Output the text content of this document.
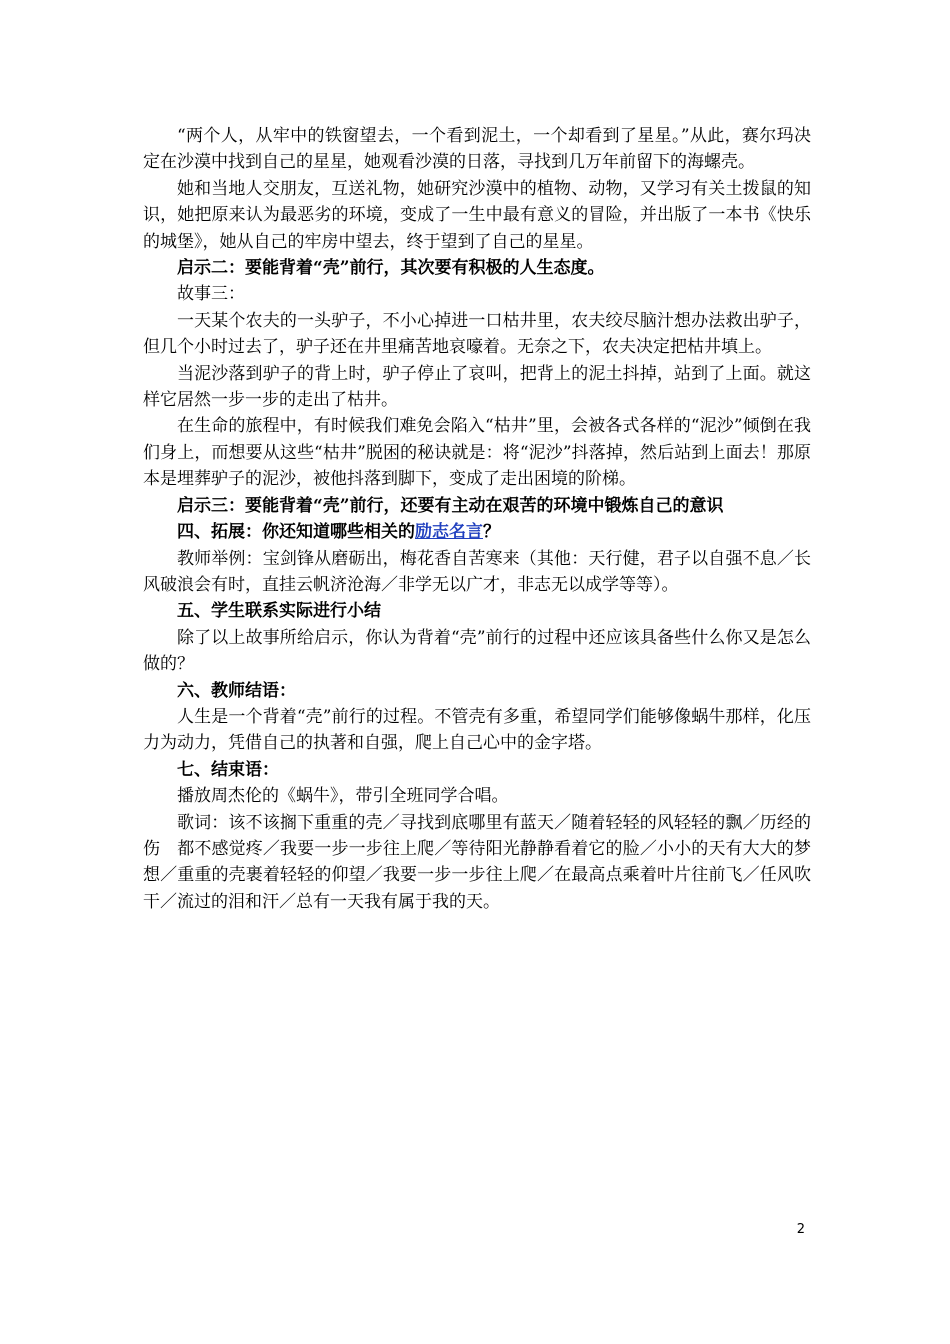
“两个人，从牢中的铁窗望去，一个看到泥土，一个却看到了星星。”从此，赛尔玛决定在沙漠中找到自己的星星，她观看沙漠的日落，寻找到几万年前留下的海螺壳。

她和当地人交朋友，互送礼物，她研究沙漠中的植物、动物，又学习有关土拨鼠的知识，她把原来认为最恶劣的环境，变成了一生中最有意义的冒险，并出版了一本书《快乐的城堡》，她从自己的牢房中望去，终于望到了自己的星星。

启示二：要能背着“壳”前行，其次要有积极的人生态度。

故事三：

一天某个农夫的一头驴子，不小心掉进一口枯井里，农夫绞尽脑汁想办法救出驴子，但几个小时过去了，驴子还在井里痛苦地哀嚎着。无奈之下，农夫决定把枯井填上。

当泥沙落到驴子的背上时，驴子停止了哀叫，把背上的泥土抖掉，站到了上面。就这样它居然一步一步的走出了枯井。

在生命的旅程中，有时候我们难免会陷入“枯井”里，会被各式各样的“泥沙”倾倒在我们身上，而想要从这些“枯井”脱困的秘诀就是：将“泥沙”抖落掉，然后站到上面去！那原本是埋葬驴子的泥沙，被他抖落到脚下，变成了走出困境的阶梯。

启示三：要能背着“壳”前行，还要有主动在艰苦的环境中锻炼自己的意识

四、拓展：你还知道哪些相关的励志名言？

教师举例：宝剑锋从磨砺出，梅花香自苦寒来（其他：天行健，君子以自强不息／长风破浪会有时，直挂云帆济沧海／非学无以广才，非志无以成学等等）。

五、学生联系实际进行小结

除了以上故事所给启示，你认为背着“壳”前行的过程中还应该具备些什么你又是怎么做的？

六、教师结语：

人生是一个背着“壳”前行的过程。不管壳有多重，希望同学们能够像蜗牛那样，化压力为动力，凭借自己的执著和自强，爬上自己心中的金字塔。

七、结束语：

播放周杰伦的《蜗牛》，带引全班同学合唱。

歌词：该不该搁下重重的壳／寻找到底哪里有蓝天／随着轻轻的风轻轻的飘／历经的伤　都不感觉疼／我要一步一步往上爬／等待阳光静静看着它的脸／小小的天有大大的梦想／重重的壳裹着轻轻的仰望／我要一步一步往上爬／在最高点乘着叶片往前飞／任风吹干／流过的泪和汗／总有一天我有属于我的天。

2
